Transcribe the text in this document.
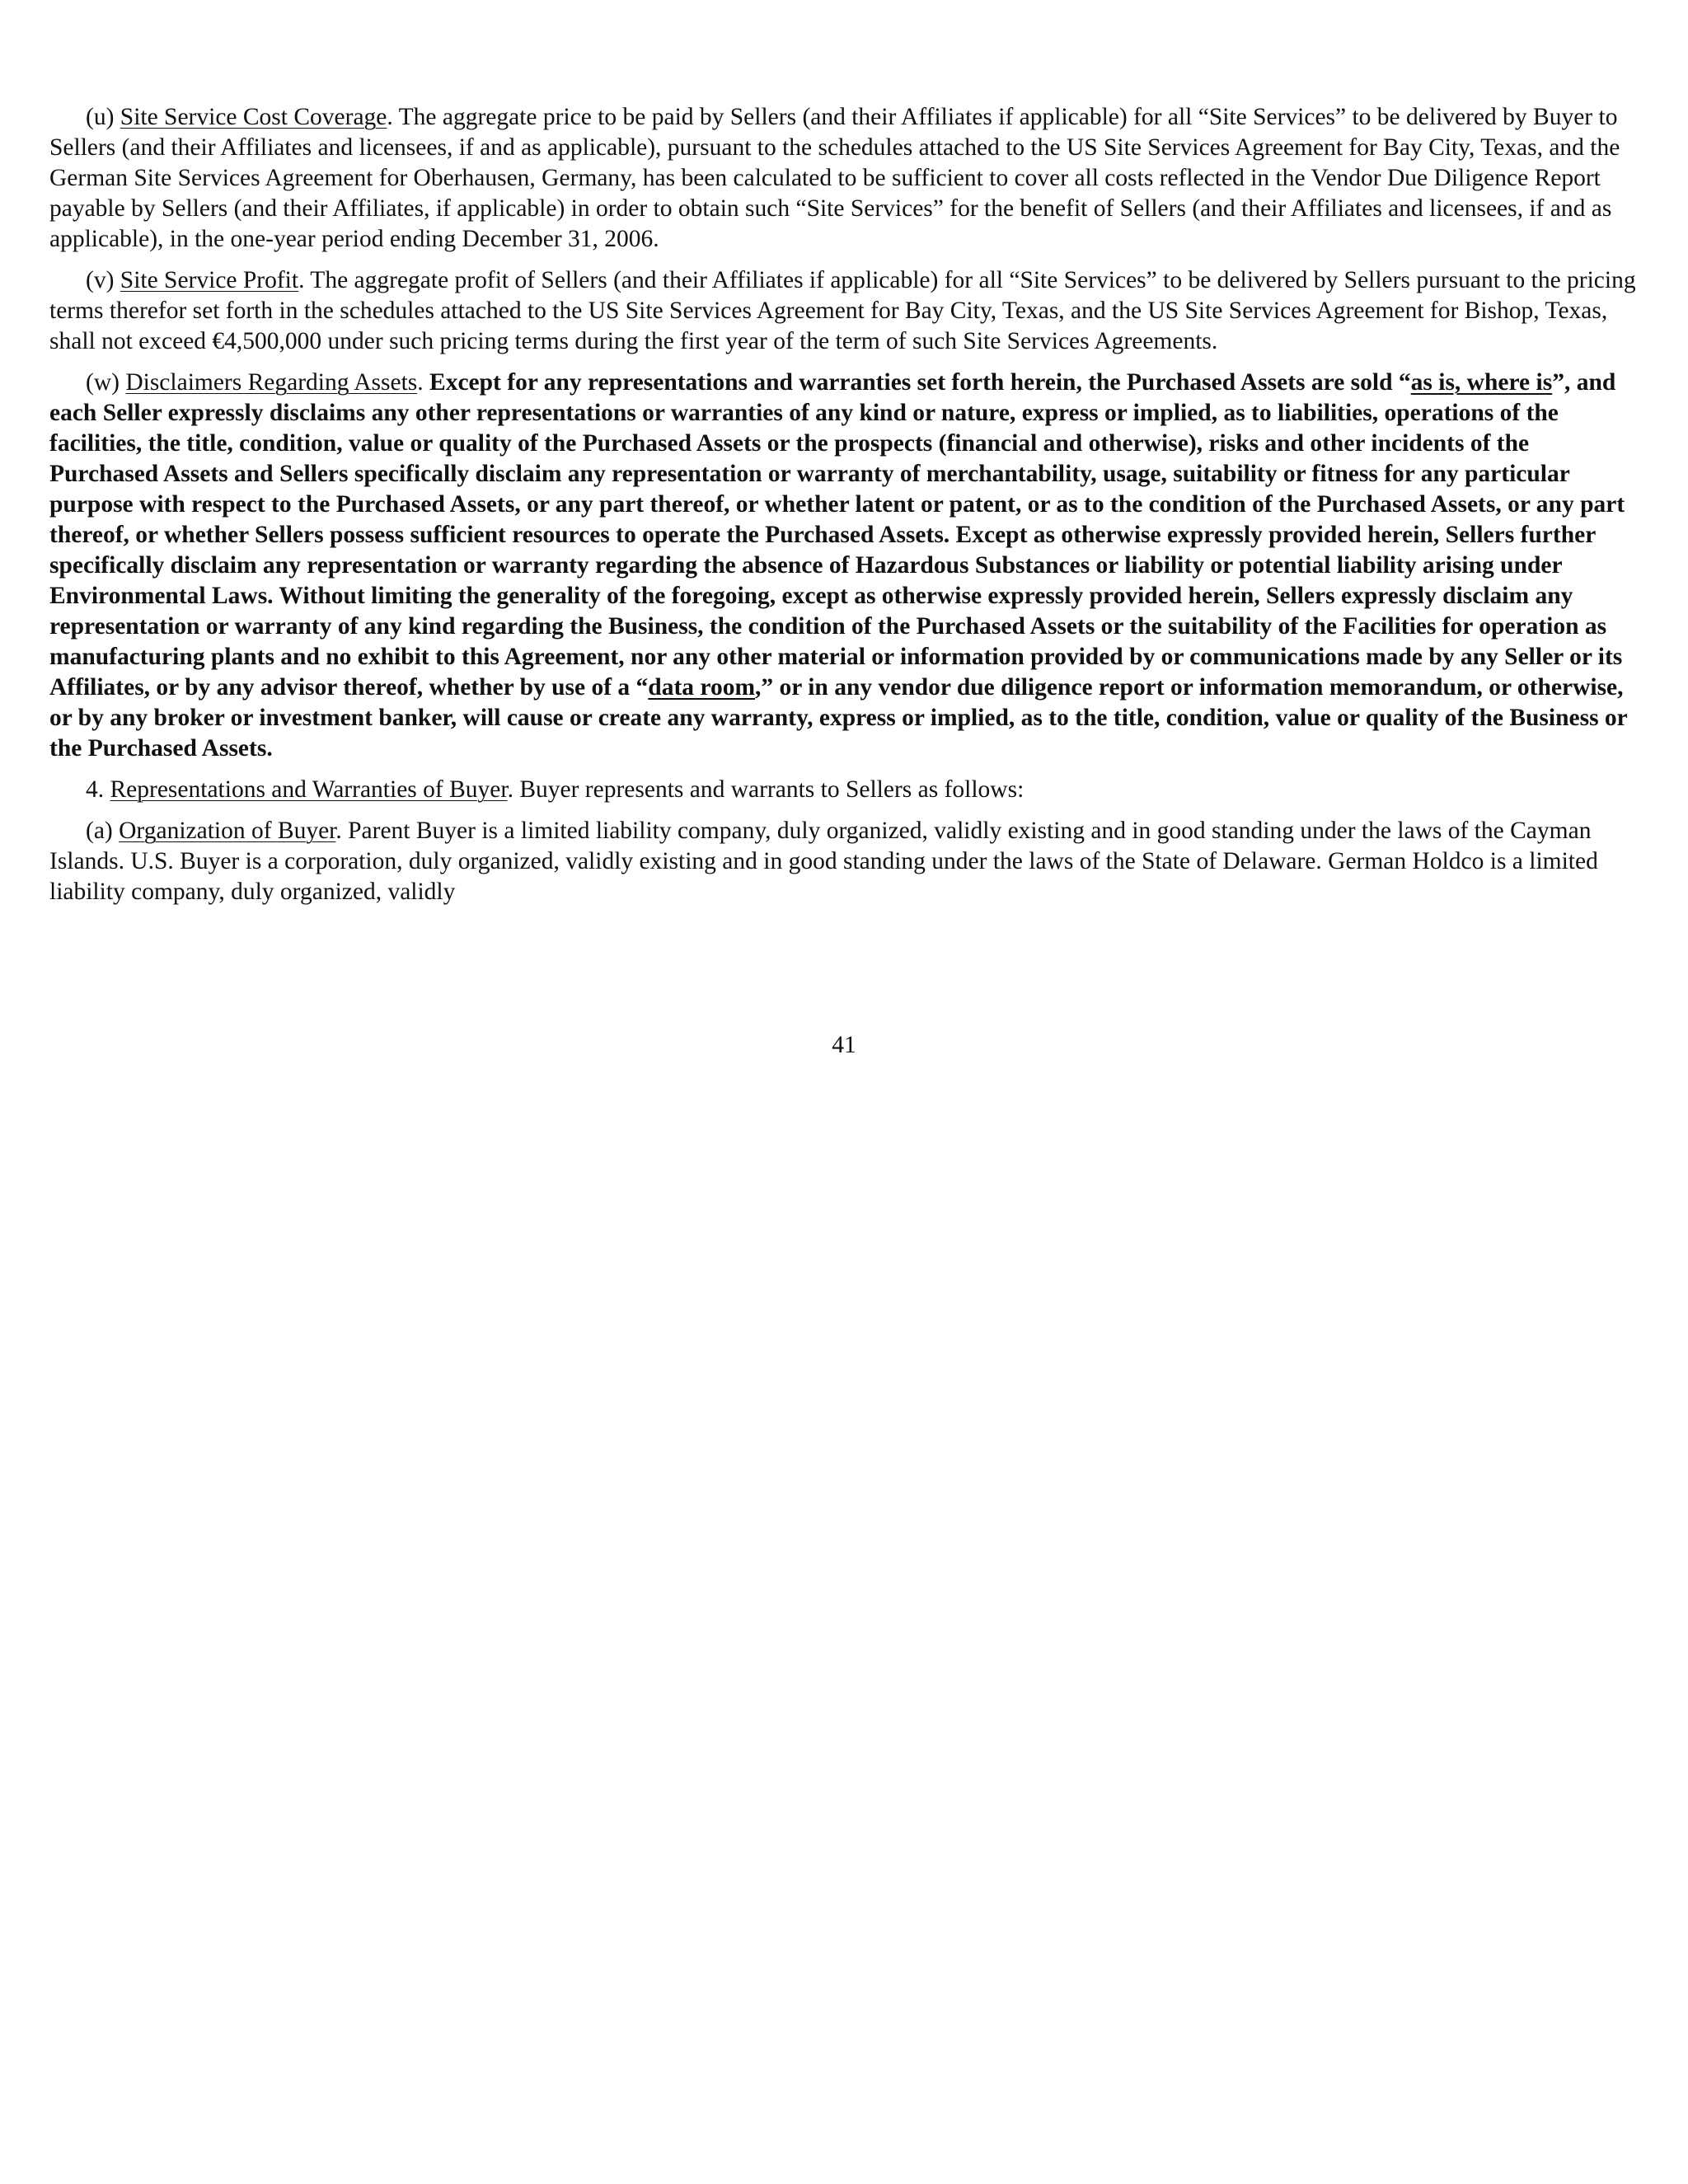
(u) Site Service Cost Coverage. The aggregate price to be paid by Sellers (and their Affiliates if applicable) for all “Site Services” to be delivered by Buyer to Sellers (and their Affiliates and licensees, if and as applicable), pursuant to the schedules attached to the US Site Services Agreement for Bay City, Texas, and the German Site Services Agreement for Oberhausen, Germany, has been calculated to be sufficient to cover all costs reflected in the Vendor Due Diligence Report payable by Sellers (and their Affiliates, if applicable) in order to obtain such “Site Services” for the benefit of Sellers (and their Affiliates and licensees, if and as applicable), in the one-year period ending December 31, 2006.

(v) Site Service Profit. The aggregate profit of Sellers (and their Affiliates if applicable) for all “Site Services” to be delivered by Sellers pursuant to the pricing terms therefor set forth in the schedules attached to the US Site Services Agreement for Bay City, Texas, and the US Site Services Agreement for Bishop, Texas, shall not exceed €4,500,000 under such pricing terms during the first year of the term of such Site Services Agreements.

(w) Disclaimers Regarding Assets. Except for any representations and warranties set forth herein, the Purchased Assets are sold “as is, where is”, and each Seller expressly disclaims any other representations or warranties of any kind or nature, express or implied, as to liabilities, operations of the facilities, the title, condition, value or quality of the Purchased Assets or the prospects (financial and otherwise), risks and other incidents of the Purchased Assets and Sellers specifically disclaim any representation or warranty of merchantability, usage, suitability or fitness for any particular purpose with respect to the Purchased Assets, or any part thereof, or whether latent or patent, or as to the condition of the Purchased Assets, or any part thereof, or whether Sellers possess sufficient resources to operate the Purchased Assets. Except as otherwise expressly provided herein, Sellers further specifically disclaim any representation or warranty regarding the absence of Hazardous Substances or liability or potential liability arising under Environmental Laws. Without limiting the generality of the foregoing, except as otherwise expressly provided herein, Sellers expressly disclaim any representation or warranty of any kind regarding the Business, the condition of the Purchased Assets or the suitability of the Facilities for operation as manufacturing plants and no exhibit to this Agreement, nor any other material or information provided by or communications made by any Seller or its Affiliates, or by any advisor thereof, whether by use of a “data room,” or in any vendor due diligence report or information memorandum, or otherwise, or by any broker or investment banker, will cause or create any warranty, express or implied, as to the title, condition, value or quality of the Business or the Purchased Assets.

4. Representations and Warranties of Buyer. Buyer represents and warrants to Sellers as follows:

(a) Organization of Buyer. Parent Buyer is a limited liability company, duly organized, validly existing and in good standing under the laws of the Cayman Islands. U.S. Buyer is a corporation, duly organized, validly existing and in good standing under the laws of the State of Delaware. German Holdco is a limited liability company, duly organized, validly

41
